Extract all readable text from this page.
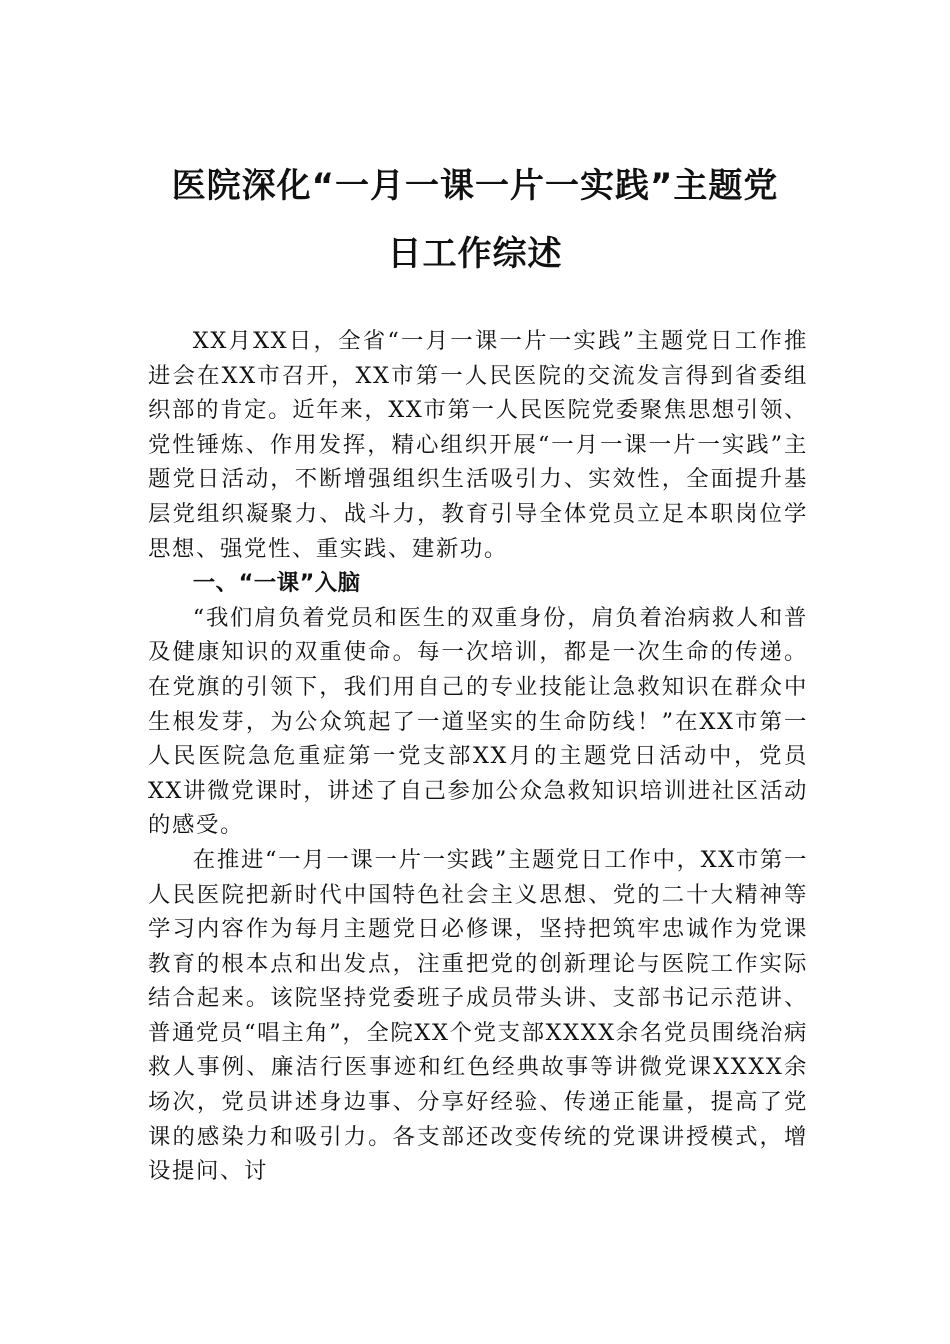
医院深化“一月一课一片一实践”主题党
日工作综述

XX月XX日，全省“一月一课一片一实践”主题党日工作推进会在XX市召开，XX市第一人民医院的交流发言得到省委组织部的肯定。近年来，XX市第一人民医院党委聚焦思想引领、党性锤炼、作用发挥，精心组织开展“一月一课一片一实践”主题党日活动，不断增强组织生活吸引力、实效性，全面提升基层党组织凝聚力、战斗力，教育引导全体党员立足本职岗位学思想、强党性、重实践、建新功。

一、“一课”入脑

“我们肩负着党员和医生的双重身份，肩负着治病救人和普及健康知识的双重使命。每一次培训，都是一次生命的传递。在党旗的引领下，我们用自己的专业技能让急救知识在群众中生根发芽，为公众筑起了一道坚实的生命防线！”在XX市第一人民医院急危重症第一党支部XX月的主题党日活动中，党员XX讲微党课时，讲述了自己参加公众急救知识培训进社区活动的感受。

在推进“一月一课一片一实践”主题党日工作中，XX市第一人民医院把新时代中国特色社会主义思想、党的二十大精神等学习内容作为每月主题党日必修课，坚持把筑牢忠诚作为党课教育的根本点和出发点，注重把党的创新理论与医院工作实际结合起来。该院坚持党委班子成员带头讲、支部书记示范讲、普通党员“唱主角”，全院XX个党支部XXXX余名党员围绕治病救人事例、廉洁行医事迹和红色经典故事等讲微党课XXXX余场次，党员讲述身边事、分享好经验、传递正能量，提高了党课的感染力和吸引力。各支部还改变传统的党课讲授模式，增设提问、讨
